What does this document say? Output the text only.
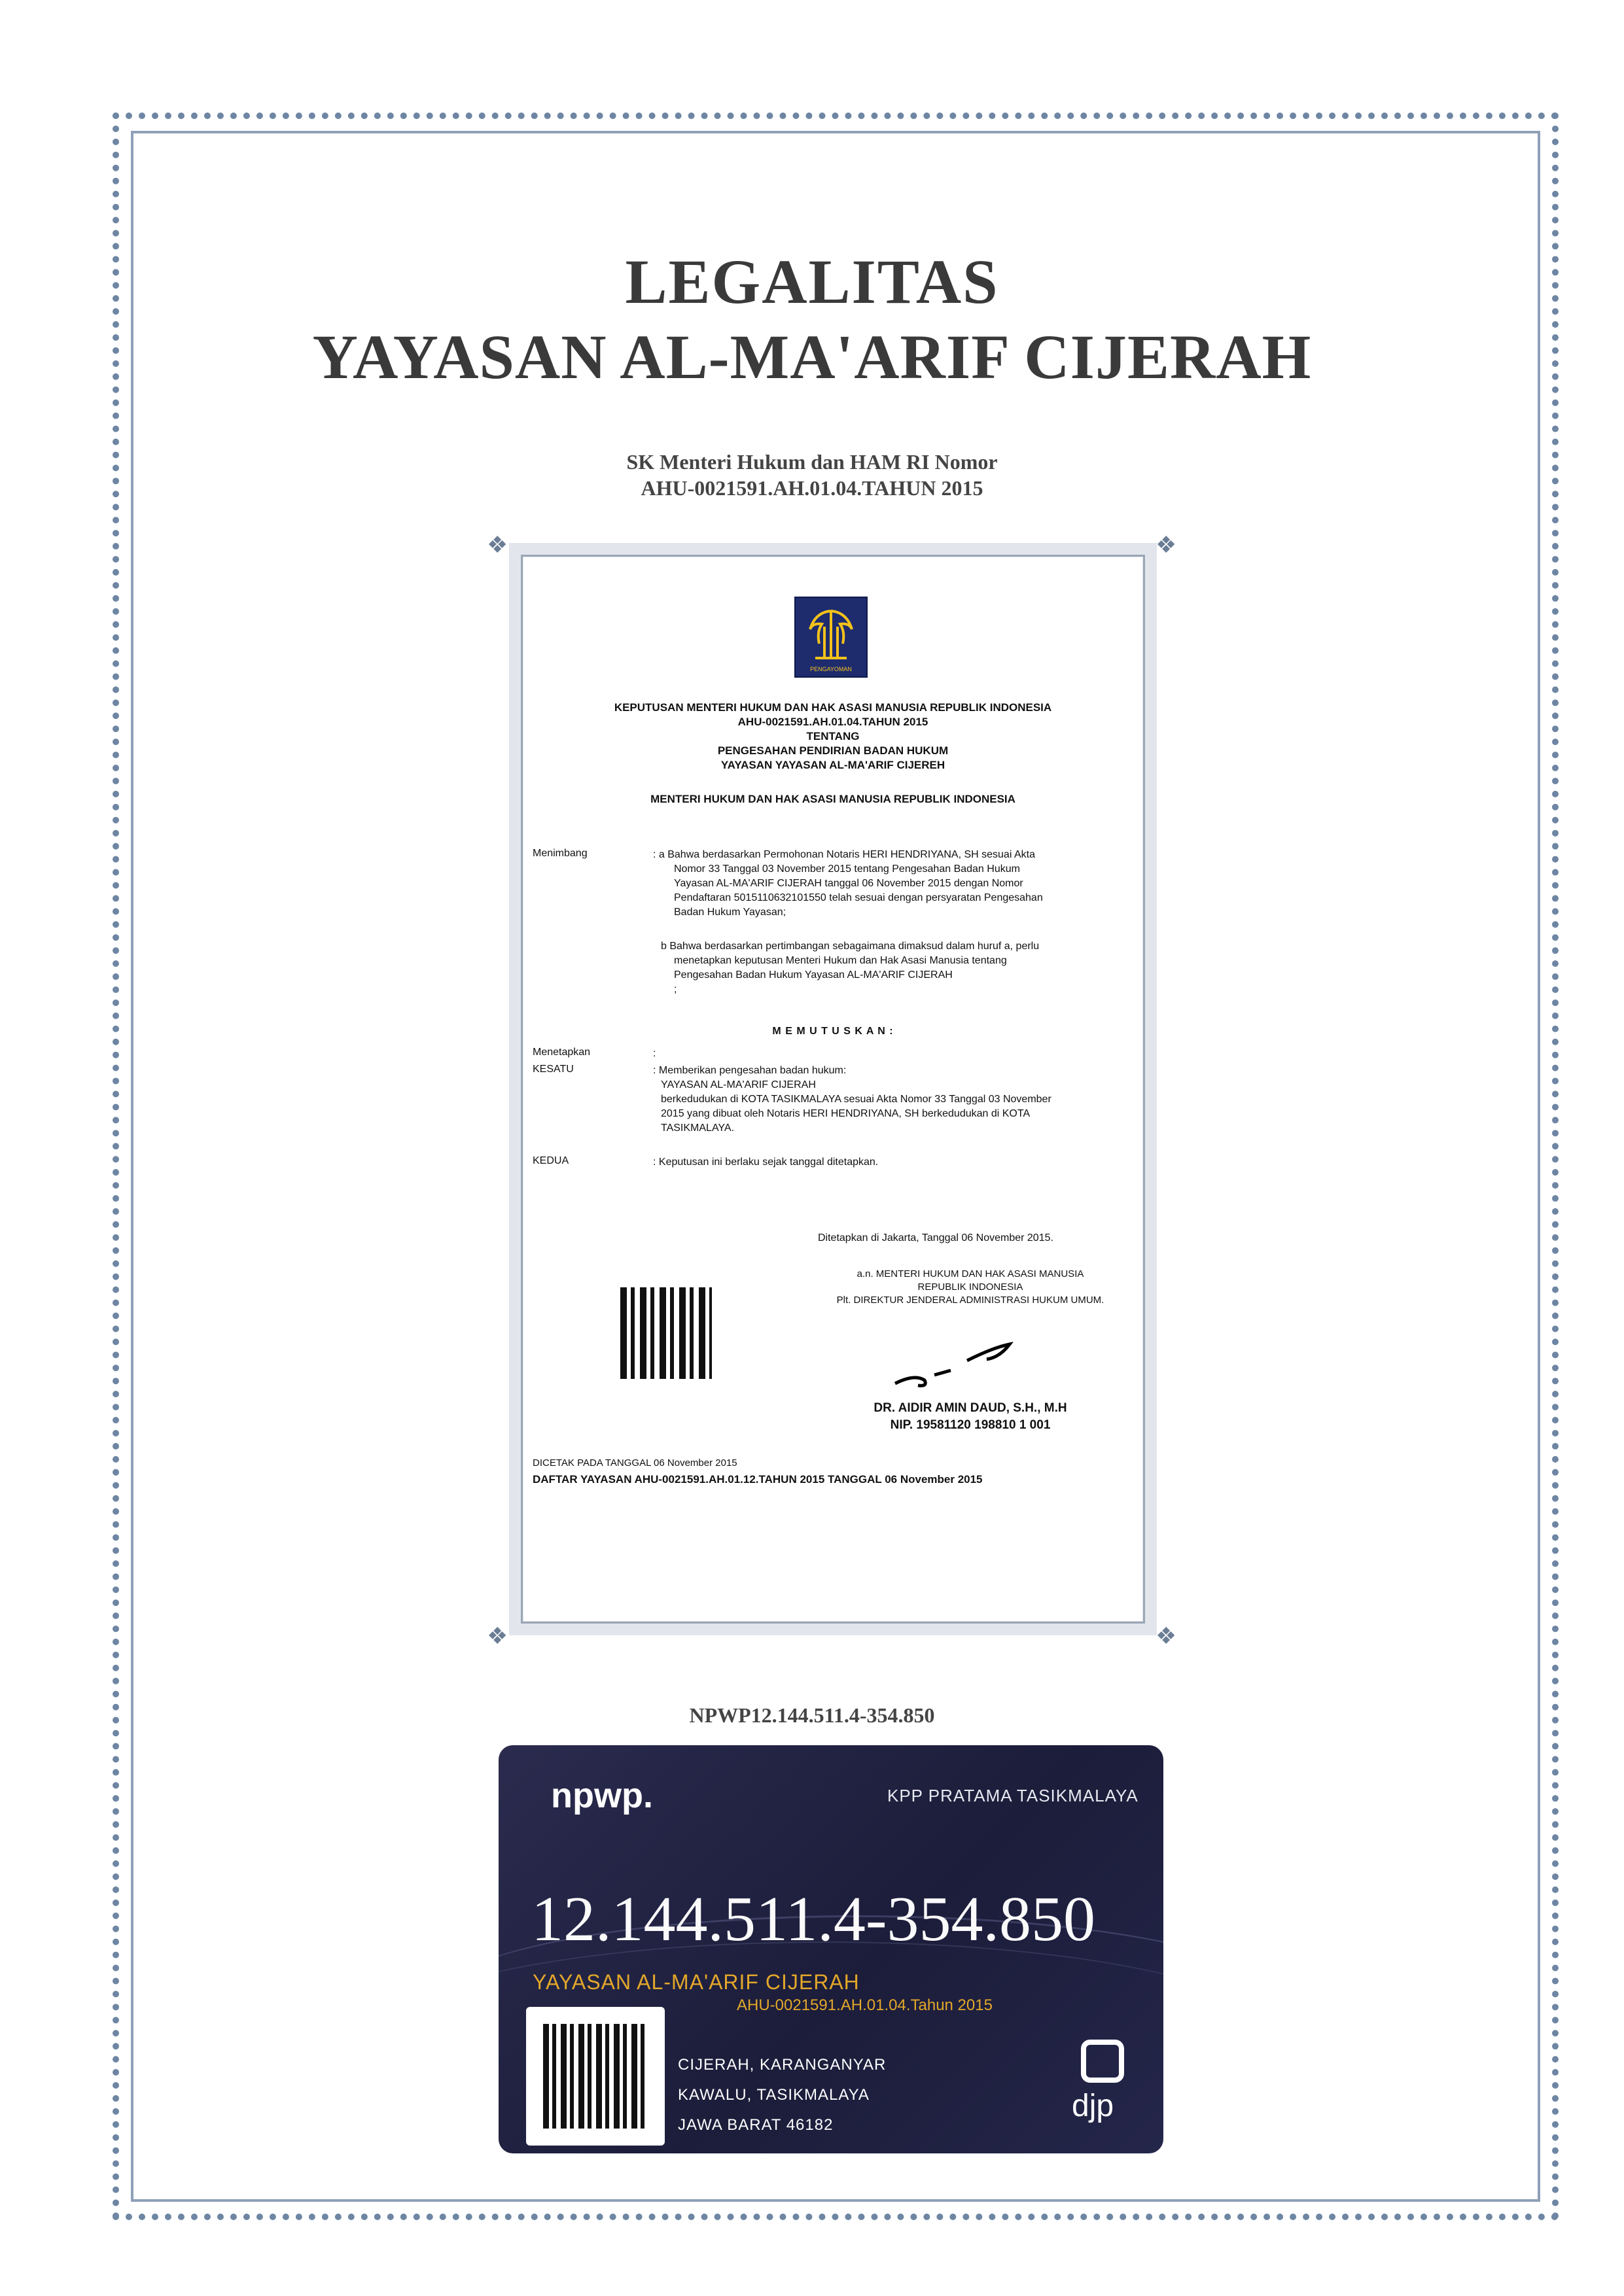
LEGALITAS
YAYASAN AL-MA'ARIF CIJERAH
SK Menteri Hukum dan HAM RI Nomor
AHU-0021591.AH.01.04.TAHUN 2015
❖	❖
❖	❖
PENGAYOMAN
KEPUTUSAN MENTERI HUKUM DAN HAK ASASI MANUSIA REPUBLIK INDONESIA
AHU-0021591.AH.01.04.TAHUN 2015
TENTANG
PENGESAHAN PENDIRIAN BADAN HUKUM
YAYASAN YAYASAN AL-MA'ARIF CIJEREH
MENTERI HUKUM DAN HAK ASASI MANUSIA REPUBLIK INDONESIA
Menimbang	: a Bahwa berdasarkan Permohonan Notaris HERI HENDRIYANA, SH sesuai Akta
Nomor 33 Tanggal 03 November 2015 tentang Pengesahan Badan Hukum
Yayasan AL-MA'ARIF CIJERAH tanggal 06 November 2015 dengan Nomor
Pendaftaran 5015110632101550 telah sesuai dengan persyaratan Pengesahan
Badan Hukum Yayasan;
b Bahwa berdasarkan pertimbangan sebagaimana dimaksud dalam huruf a, perlu
menetapkan keputusan Menteri Hukum dan Hak Asasi Manusia tentang
Pengesahan Badan Hukum Yayasan AL-MA'ARIF CIJERAH
;
M E M U T U S K A N :
Menetapkan	:
KESATU	: Memberikan pengesahan badan hukum:
YAYASAN AL-MA'ARIF CIJERAH
berkedudukan di KOTA TASIKMALAYA sesuai Akta Nomor 33 Tanggal 03 November
2015 yang dibuat oleh Notaris HERI HENDRIYANA, SH berkedudukan di KOTA
TASIKMALAYA.
KEDUA	: Keputusan ini berlaku sejak tanggal ditetapkan.
Ditetapkan di Jakarta, Tanggal 06 November 2015.
a.n. MENTERI HUKUM DAN HAK ASASI MANUSIA
REPUBLIK INDONESIA
Plt. DIREKTUR JENDERAL ADMINISTRASI HUKUM UMUM.
DR. AIDIR AMIN DAUD, S.H., M.H
NIP. 19581120 198810 1 001
DICETAK PADA TANGGAL 06 November 2015
DAFTAR YAYASAN AHU-0021591.AH.01.12.TAHUN 2015 TANGGAL 06 November 2015
NPWP12.144.511.4-354.850
npwp.	KPP PRATAMA TASIKMALAYA
12.144.511.4-354.850
YAYASAN AL-MA'ARIF CIJERAH
AHU-0021591.AH.01.04.Tahun 2015
CIJERAH, KARANGANYAR
KAWALU, TASIKMALAYA
JAWA BARAT 46182
djp
